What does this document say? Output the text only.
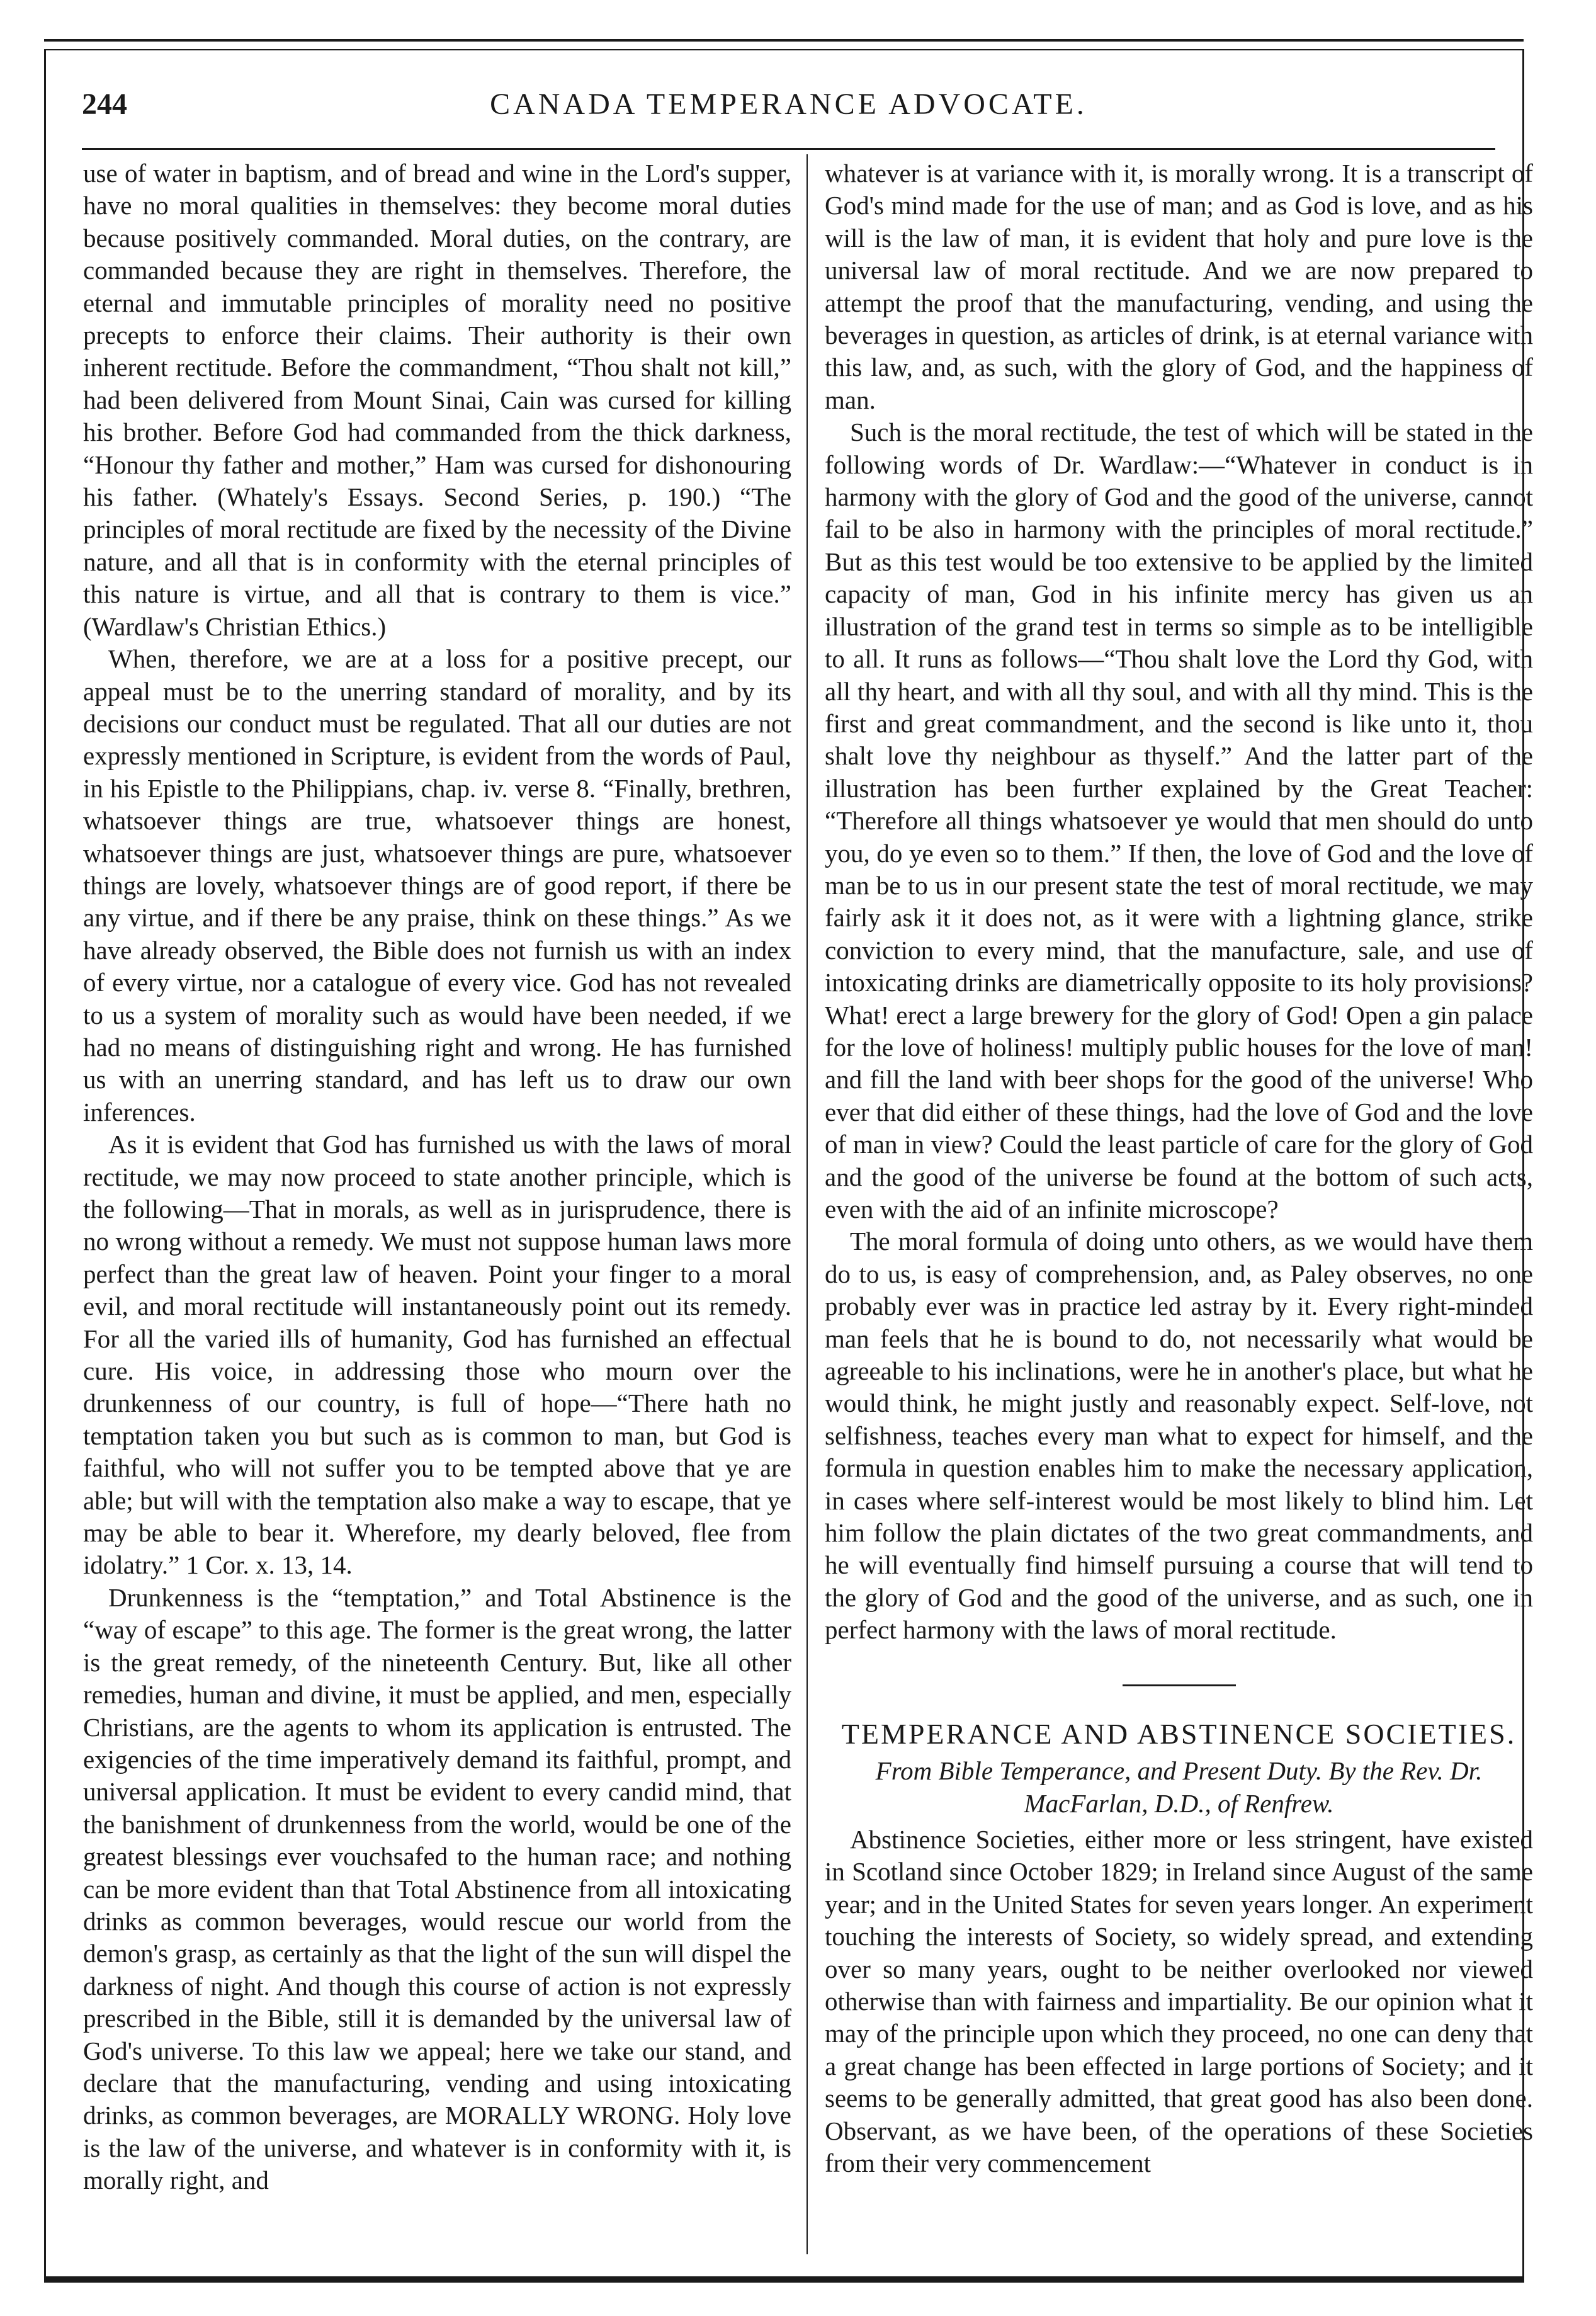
244	CANADA TEMPERANCE ADVOCATE.

use of water in baptism, and of bread and wine in the Lord's supper, have no moral qualities in themselves: they become moral duties because positively commanded. Moral duties, on the contrary, are commanded because they are right in themselves. Therefore, the eternal and immutable principles of morality need no positive precepts to enforce their claims. Their authority is their own inherent rectitude. Before the commandment, “Thou shalt not kill,” had been delivered from Mount Sinai, Cain was cursed for killing his brother. Before God had commanded from the thick darkness, “Honour thy father and mother,” Ham was cursed for dishonouring his father. (Whately's Essays. Second Series, p. 190.) “The principles of moral rectitude are fixed by the necessity of the Divine nature, and all that is in conformity with the eternal principles of this nature is virtue, and all that is contrary to them is vice.” (Wardlaw's Christian Ethics.)

When, therefore, we are at a loss for a positive precept, our appeal must be to the unerring standard of morality, and by its decisions our conduct must be regulated. That all our duties are not expressly mentioned in Scripture, is evident from the words of Paul, in his Epistle to the Philippians, chap. iv. verse 8. “Finally, brethren, whatsoever things are true, whatsoever things are honest, whatsoever things are just, whatsoever things are pure, whatsoever things are lovely, whatsoever things are of good report, if there be any virtue, and if there be any praise, think on these things.” As we have already observed, the Bible does not furnish us with an index of every virtue, nor a catalogue of every vice. God has not revealed to us a system of morality such as would have been needed, if we had no means of distinguishing right and wrong. He has furnished us with an unerring standard, and has left us to draw our own inferences.

As it is evident that God has furnished us with the laws of moral rectitude, we may now proceed to state another principle, which is the following—That in morals, as well as in jurisprudence, there is no wrong without a remedy. We must not suppose human laws more perfect than the great law of heaven. Point your finger to a moral evil, and moral rectitude will instantaneously point out its remedy. For all the varied ills of humanity, God has furnished an effectual cure. His voice, in addressing those who mourn over the drunkenness of our country, is full of hope—“There hath no temptation taken you but such as is common to man, but God is faithful, who will not suffer you to be tempted above that ye are able; but will with the temptation also make a way to escape, that ye may be able to bear it. Wherefore, my dearly beloved, flee from idolatry.” 1 Cor. x. 13, 14.

Drunkenness is the “temptation,” and Total Abstinence is the “way of escape” to this age. The former is the great wrong, the latter is the great remedy, of the nineteenth Century. But, like all other remedies, human and divine, it must be applied, and men, especially Christians, are the agents to whom its application is entrusted. The exigencies of the time imperatively demand its faithful, prompt, and universal application. It must be evident to every candid mind, that the banishment of drunkenness from the world, would be one of the greatest blessings ever vouchsafed to the human race; and nothing can be more evident than that Total Abstinence from all intoxicating drinks as common beverages, would rescue our world from the demon's grasp, as certainly as that the light of the sun will dispel the darkness of night. And though this course of action is not expressly prescribed in the Bible, still it is demanded by the universal law of God's universe. To this law we appeal; here we take our stand, and declare that the manufacturing, vending and using intoxicating drinks, as common beverages, are MORALLY WRONG. Holy love is the law of the universe, and whatever is in conformity with it, is morally right, and

whatever is at variance with it, is morally wrong. It is a transcript of God's mind made for the use of man; and as God is love, and as his will is the law of man, it is evident that holy and pure love is the universal law of moral rectitude. And we are now prepared to attempt the proof that the manufacturing, vending, and using the beverages in question, as articles of drink, is at eternal variance with this law, and, as such, with the glory of God, and the happiness of man.

Such is the moral rectitude, the test of which will be stated in the following words of Dr. Wardlaw:—“Whatever in conduct is in harmony with the glory of God and the good of the universe, cannot fail to be also in harmony with the principles of moral rectitude.” But as this test would be too extensive to be applied by the limited capacity of man, God in his infinite mercy has given us an illustration of the grand test in terms so simple as to be intelligible to all. It runs as follows—“Thou shalt love the Lord thy God, with all thy heart, and with all thy soul, and with all thy mind. This is the first and great commandment, and the second is like unto it, thou shalt love thy neighbour as thyself.” And the latter part of the illustration has been further explained by the Great Teacher: “Therefore all things whatsoever ye would that men should do unto you, do ye even so to them.” If then, the love of God and the love of man be to us in our present state the test of moral rectitude, we may fairly ask it it does not, as it were with a lightning glance, strike conviction to every mind, that the manufacture, sale, and use of intoxicating drinks are diametrically opposite to its holy provisions? What! erect a large brewery for the glory of God! Open a gin palace for the love of holiness! multiply public houses for the love of man! and fill the land with beer shops for the good of the universe! Who ever that did either of these things, had the love of God and the love of man in view? Could the least particle of care for the glory of God and the good of the universe be found at the bottom of such acts, even with the aid of an infinite microscope?

The moral formula of doing unto others, as we would have them do to us, is easy of comprehension, and, as Paley observes, no one probably ever was in practice led astray by it. Every right-minded man feels that he is bound to do, not necessarily what would be agreeable to his inclinations, were he in another's place, but what he would think, he might justly and reasonably expect. Self-love, not selfishness, teaches every man what to expect for himself, and the formula in question enables him to make the necessary application, in cases where self-interest would be most likely to blind him. Let him follow the plain dictates of the two great commandments, and he will eventually find himself pursuing a course that will tend to the glory of God and the good of the universe, and as such, one in perfect harmony with the laws of moral rectitude.

TEMPERANCE AND ABSTINENCE SOCIETIES.
From Bible Temperance, and Present Duty. By the Rev. Dr.
MacFarlan, D.D., of Renfrew.

Abstinence Societies, either more or less stringent, have existed in Scotland since October 1829; in Ireland since August of the same year; and in the United States for seven years longer. An experiment touching the interests of Society, so widely spread, and extending over so many years, ought to be neither overlooked nor viewed otherwise than with fairness and impartiality. Be our opinion what it may of the principle upon which they proceed, no one can deny that a great change has been effected in large portions of Society; and it seems to be generally admitted, that great good has also been done. Observant, as we have been, of the operations of these Societies from their very commencement
